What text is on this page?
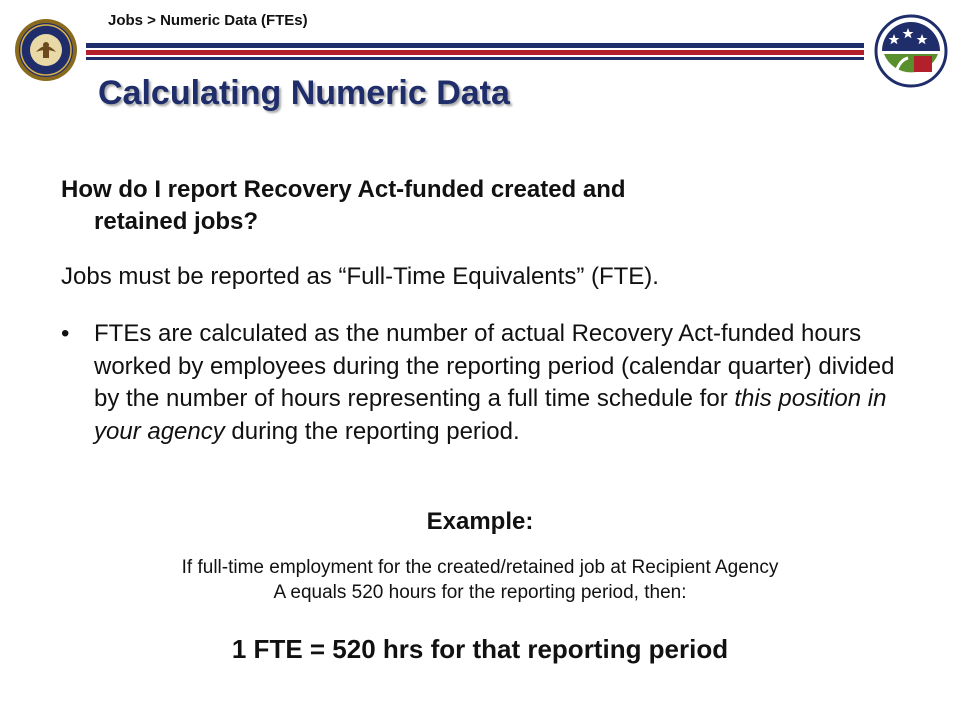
Jobs > Numeric Data (FTEs)
Calculating Numeric Data
How do I report Recovery Act-funded created and
retained jobs?
Jobs must be reported as “Full-Time Equivalents” (FTE).
• FTEs are calculated as the number of actual Recovery Act-funded hours worked by employees during the reporting period (calendar quarter) divided by the number of hours representing a full time schedule for this position in your agency during the reporting period.
Example:
If full-time employment for the created/retained job at Recipient Agency
A equals 520 hours for the reporting period, then:
1 FTE = 520 hrs for that reporting period
